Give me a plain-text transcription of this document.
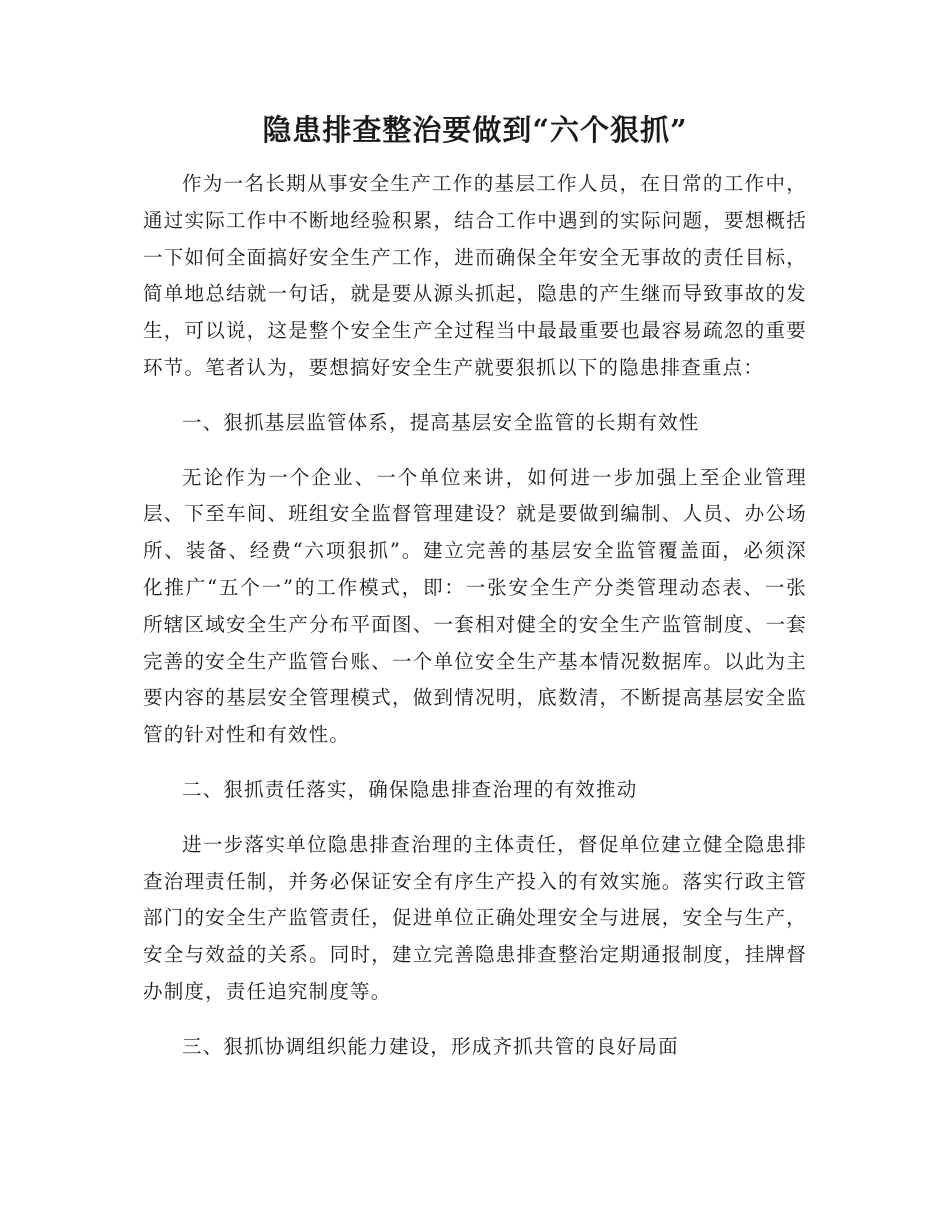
隐患排查整治要做到“六个狠抓”

作为一名长期从事安全生产工作的基层工作人员，在日常的工作中，通过实际工作中不断地经验积累，结合工作中遇到的实际问题，要想概括一下如何全面搞好安全生产工作，进而确保全年安全无事故的责任目标，简单地总结就一句话，就是要从源头抓起，隐患的产生继而导致事故的发生，可以说，这是整个安全生产全过程当中最最重要也最容易疏忽的重要环节。笔者认为，要想搞好安全生产就要狠抓以下的隐患排查重点：

一、狠抓基层监管体系，提高基层安全监管的长期有效性

无论作为一个企业、一个单位来讲，如何进一步加强上至企业管理层、下至车间、班组安全监督管理建设？就是要做到编制、人员、办公场所、装备、经费“六项狠抓”。建立完善的基层安全监管覆盖面，必须深化推广“五个一”的工作模式，即：一张安全生产分类管理动态表、一张所辖区域安全生产分布平面图、一套相对健全的安全生产监管制度、一套完善的安全生产监管台账、一个单位安全生产基本情况数据库。以此为主要内容的基层安全管理模式，做到情况明，底数清，不断提高基层安全监管的针对性和有效性。

二、狠抓责任落实，确保隐患排查治理的有效推动

进一步落实单位隐患排查治理的主体责任，督促单位建立健全隐患排查治理责任制，并务必保证安全有序生产投入的有效实施。落实行政主管部门的安全生产监管责任，促进单位正确处理安全与进展，安全与生产，安全与效益的关系。同时，建立完善隐患排查整治定期通报制度，挂牌督办制度，责任追究制度等。

三、狠抓协调组织能力建设，形成齐抓共管的良好局面
